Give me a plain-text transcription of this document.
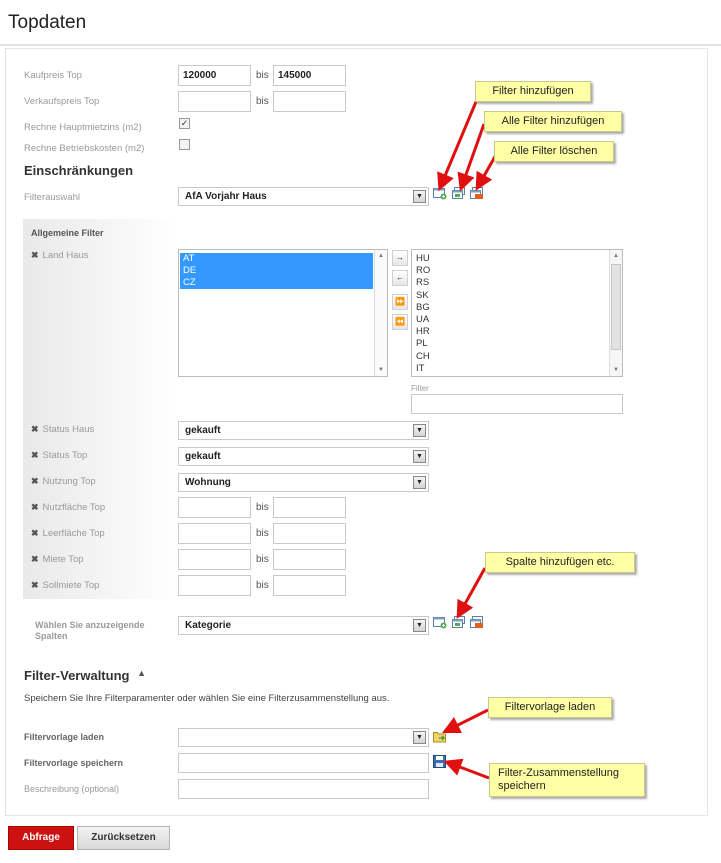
Topdaten
Kaufpreis Top	120000	bis 145000
Verkaufspreis Top	bis
Rechne Hauptmietzins (m2)	✓
Rechne Betriebskosten (m2)
Einschränkungen
Filterauswahl	AfA Vorjahr Haus	▼
Allgemeine Filter
✖ Land Haus	AT
DE
CZ
▲
▼
→
←
⏩
⏪
HU
RO
RS
SK
BG
UA
HR
PL
CH
IT
▲
▼
Filter
✖ Status Haus	gekauft	▼
✖ Status Top	gekauft	▼
✖ Nutzung Top	Wohnung	▼
✖ Nutzfläche Top	bis
✖ Leerfläche Top	bis
✖ Miete Top	bis
✖ Sollmiete Top	bis
Wählen Sie anzuzeigende
Spalten
Kategorie	▼
Filter-Verwaltung ▲
Speichern Sie Ihre Filterparamenter oder wählen Sie eine Filterzusammenstellung aus.
Filtervorlage laden	▼
Filtervorlage speichern
Beschreibung (optional)
Abfrage	Zurücksetzen
Filter hinzufügen
Alle Filter hinzufügen
Alle Filter löschen
Spalte hinzufügen etc.
Filtervorlage laden
Filter-Zusammenstellung
speichern
